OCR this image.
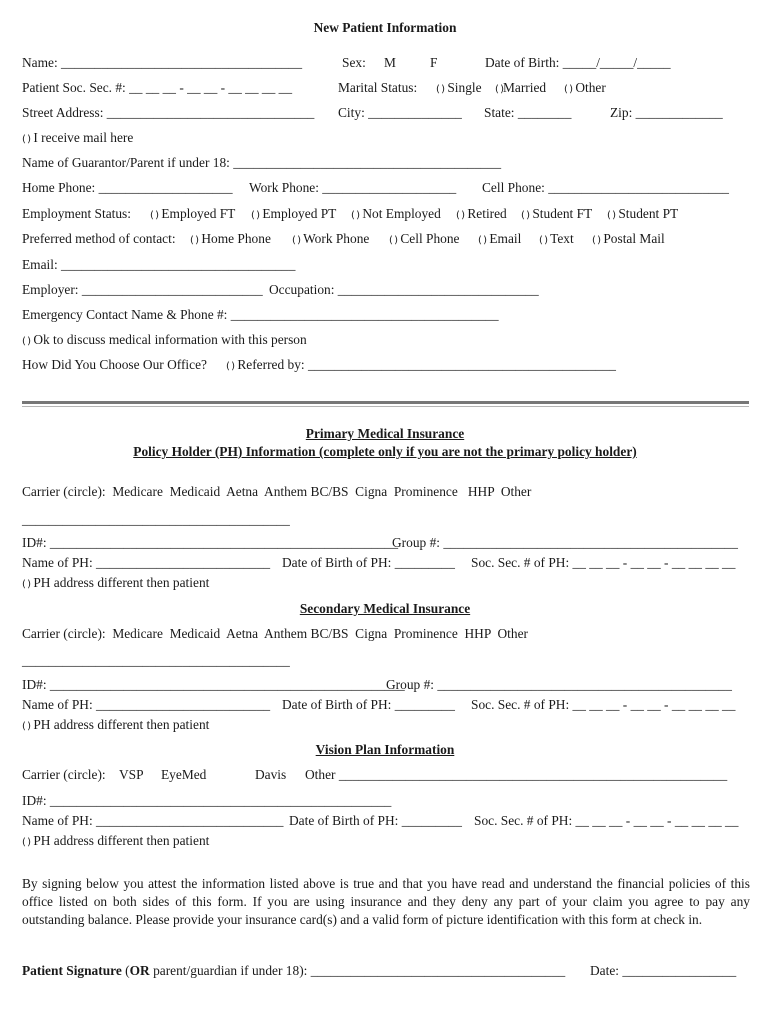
New Patient Information
Name: ____________________________________	Sex: M	F	Date of Birth: _____/_____/_____
Patient Soc. Sec. #: __ __ __ - __ __ - __ __ __ __	Marital Status: ( ) Single ( )Married ( ) Other
Street Address: _______________________________ City: ______________ State: ________	Zip: _____________
( ) I receive mail here
Name of Guarantor/Parent if under 18: ________________________________________
Home Phone: ____________________ Work Phone: ____________________ Cell Phone: ___________________________
Employment Status: ( ) Employed FT ( ) Employed PT ( ) Not Employed ( ) Retired ( ) Student FT ( ) Student PT
Preferred method of contact: ( ) Home Phone ( ) Work Phone ( ) Cell Phone ( ) Email ( ) Text ( ) Postal Mail
Email: ___________________________________
Employer: ___________________________ Occupation: ______________________________
Emergency Contact Name & Phone #: ________________________________________
( ) Ok to discuss medical information with this person
How Did You Choose Our Office? ( ) Referred by: ______________________________________________
Primary Medical Insurance
Policy Holder (PH) Information (complete only if you are not the primary policy holder)
Carrier (circle):  Medicare  Medicaid  Aetna  Anthem BC/BS  Cigna  Prominence   HHP  Other
________________________________________
ID#: ____________________________________________________
Group #: ____________________________________________
Name of PH: __________________________ Date of Birth of PH: _________ Soc. Sec. # of PH: __ __ __ - __ __ - __ __ __ __
( ) PH address different then patient
Secondary Medical Insurance
Carrier (circle):  Medicare  Medicaid  Aetna  Anthem BC/BS  Cigna  Prominence  HHP  Other
________________________________________
ID#: _____________________________________________________
Group #: ____________________________________________
Name of PH: __________________________ Date of Birth of PH: _________ Soc. Sec. # of PH: __ __ __ - __ __ - __ __ __ __
( ) PH address different then patient
Vision Plan Information
Carrier (circle): VSP EyeMed	Davis Other __________________________________________________________
ID#: ___________________________________________________
Name of PH: ____________________________ Date of Birth of PH: _________ Soc. Sec. # of PH: __ __ __ - __ __ - __ __ __ __
( ) PH address different then patient
By signing below you attest the information listed above is true and that you have read and understand the financial policies of this office listed on both sides of this form. If you are using insurance and they deny any part of your claim you agree to pay any outstanding balance. Please provide your insurance card(s) and a valid form of picture identification with this form at check in.
Patient Signature (OR parent/guardian if under 18): ______________________________________ Date: _________________
